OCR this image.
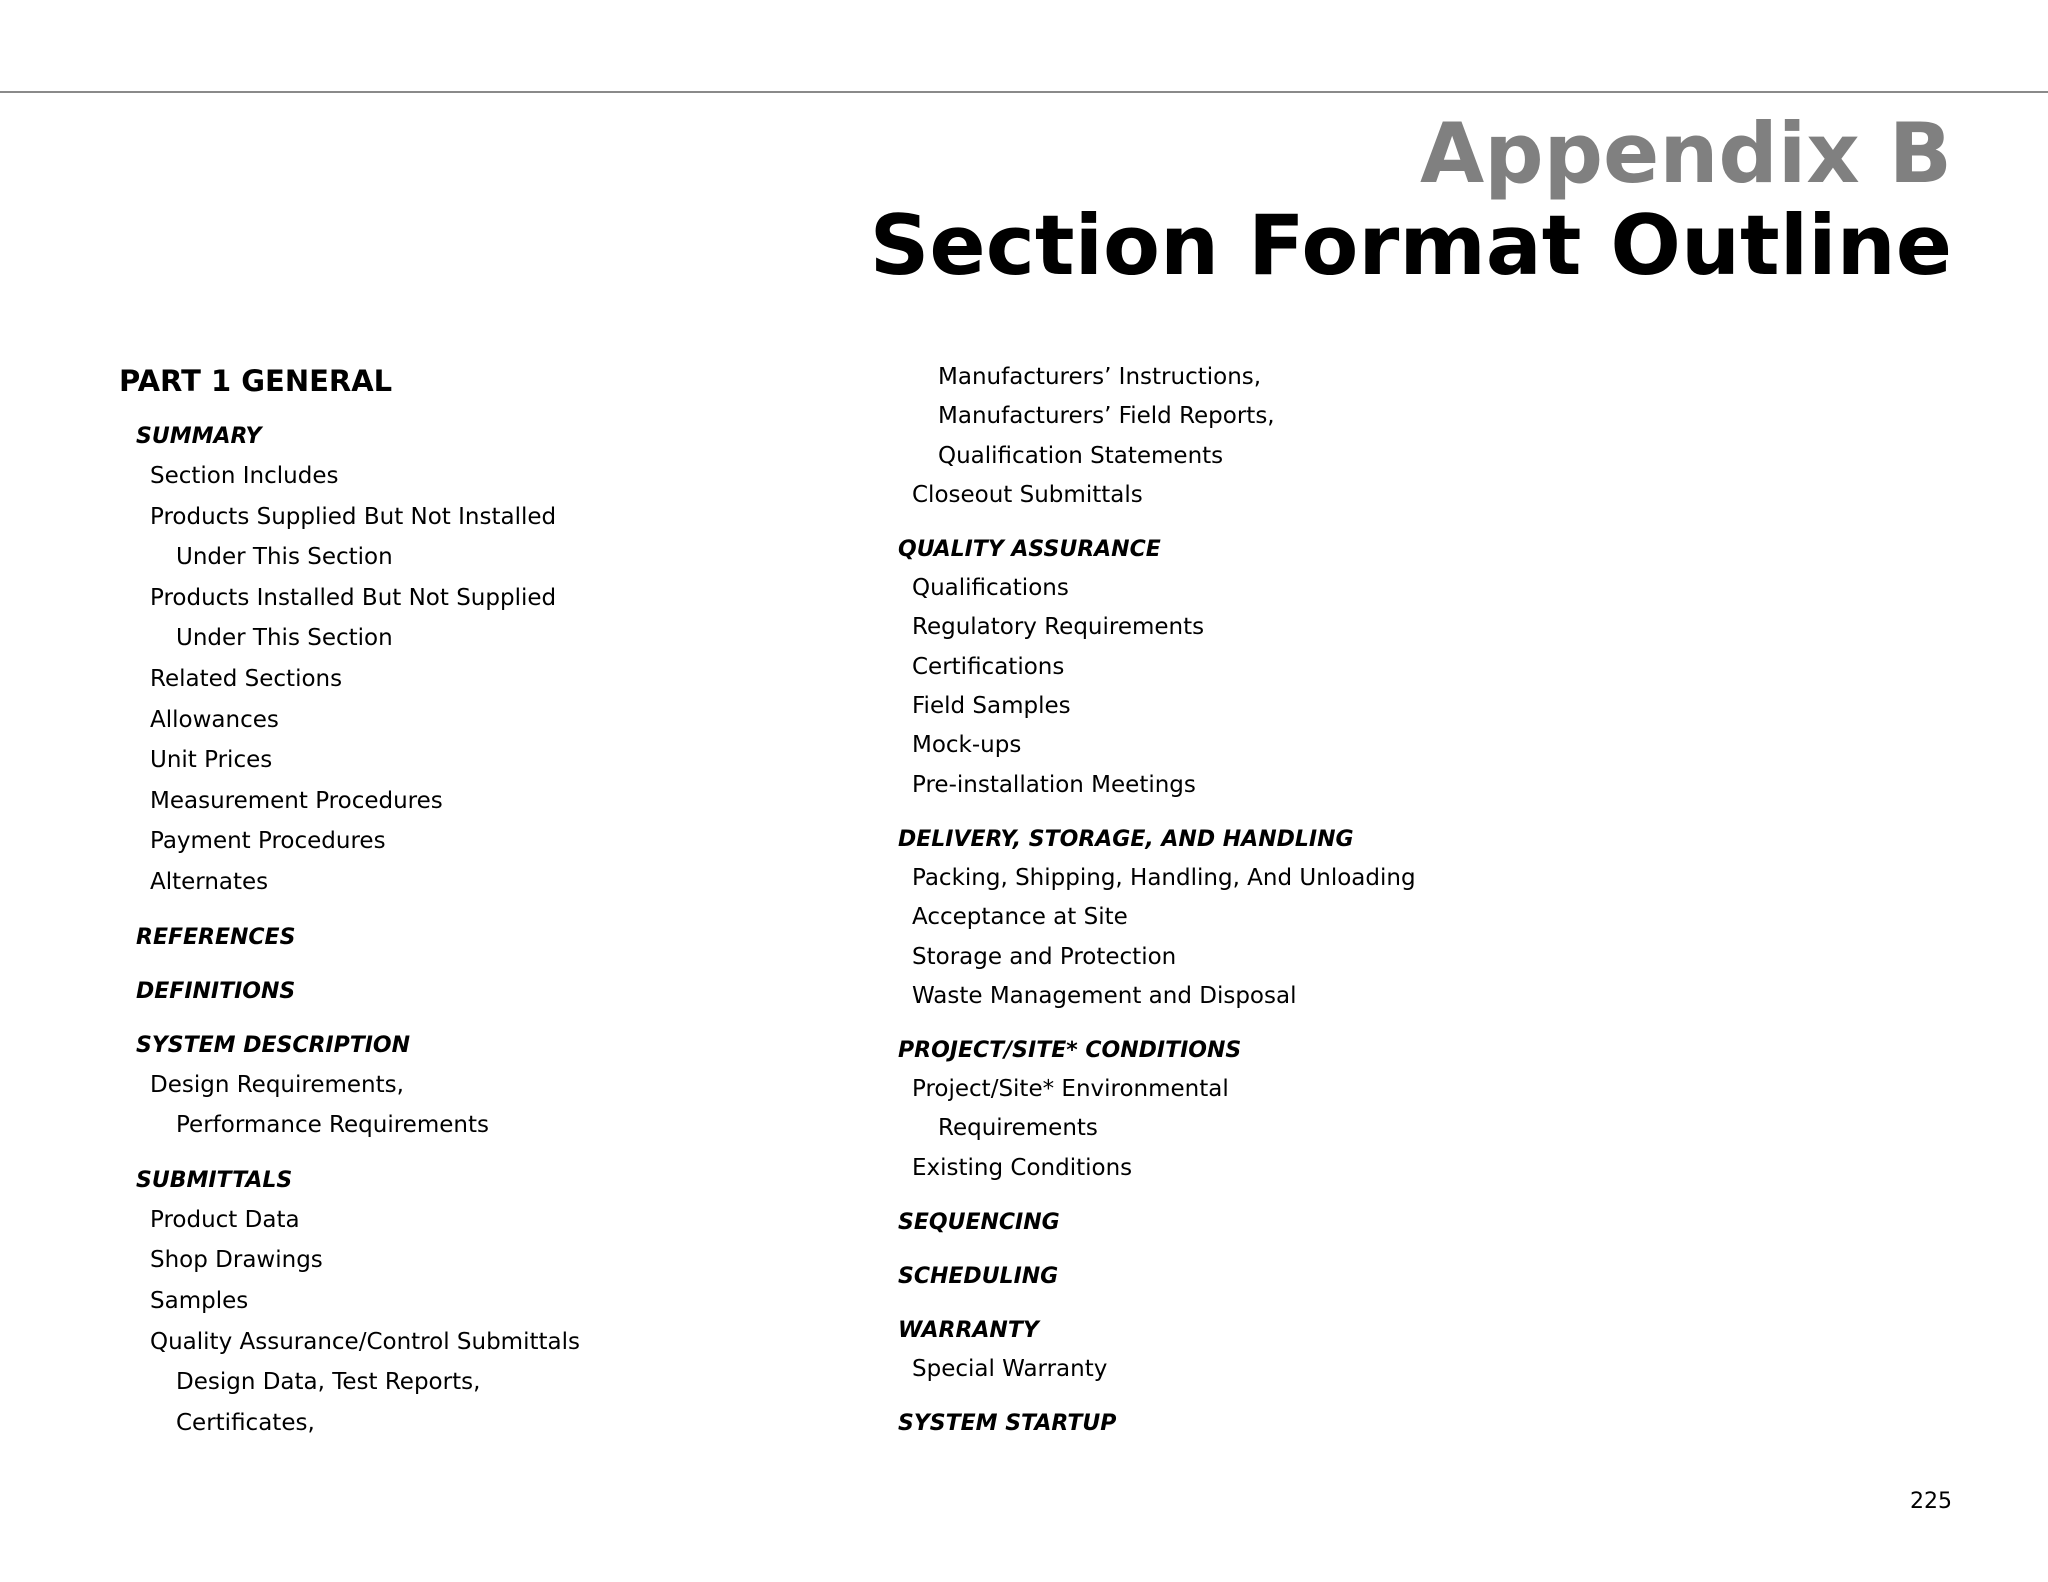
Appendix B
Section Format Outline
PART 1 GENERAL
SUMMARY
Section Includes
Products Supplied But Not Installed
Under This Section
Products Installed But Not Supplied
Under This Section
Related Sections
Allowances
Unit Prices
Measurement Procedures
Payment Procedures
Alternates
REFERENCES
DEFINITIONS
SYSTEM DESCRIPTION
Design Requirements,
Performance Requirements
SUBMITTALS
Product Data
Shop Drawings
Samples
Quality Assurance/Control Submittals
Design Data, Test Reports,
Certificates,
Manufacturers’ Instructions,
Manufacturers’ Field Reports,
Qualification Statements
Closeout Submittals
QUALITY ASSURANCE
Qualifications
Regulatory Requirements
Certifications
Field Samples
Mock-ups
Pre-installation Meetings
DELIVERY, STORAGE, AND HANDLING
Packing, Shipping, Handling, And Unloading
Acceptance at Site
Storage and Protection
Waste Management and Disposal
PROJECT/SITE* CONDITIONS
Project/Site* Environmental
Requirements
Existing Conditions
SEQUENCING
SCHEDULING
WARRANTY
Special Warranty
SYSTEM STARTUP
225
